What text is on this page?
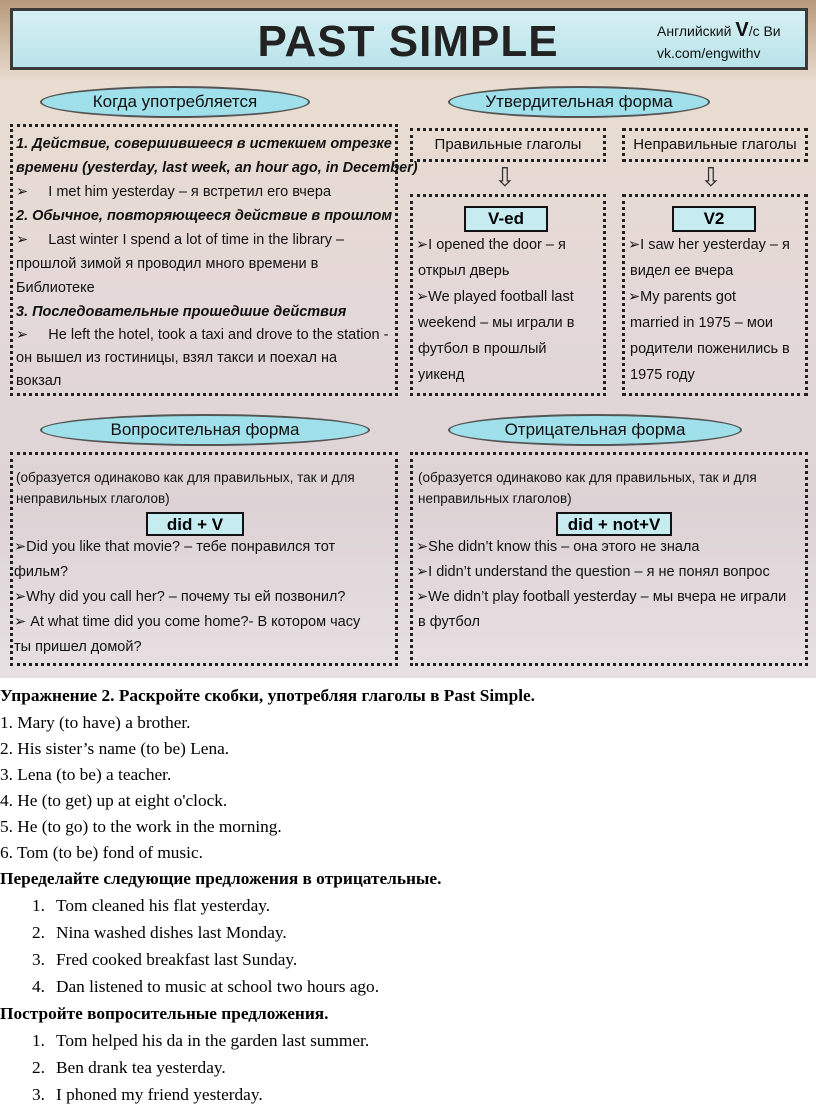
PAST SIMPLE	Английский V/с Ви
vk.com/engwithv
Когда употребляется
1. Действие, совершившееся в истекшем отрезке
времени (yesterday, last week, an hour ago, in December)
➢     I met him yesterday – я встретил его вчера
2. Обычное, повторяющееся действие в прошлом
➢     Last winter I spend a lot of time in the library –
прошлой зимой я проводил много времени в
Библиотеке
3. Последовательные прошедшие действия
➢     He left the hotel, took a taxi and drove to the station -
он вышел из гостиницы, взял такси и поехал на
вокзал
Утвердительная форма
Правильные глаголы	Неправильные глаголы
⇩	⇩
V-ed
➢I opened the door – я
открыл дверь
➢We played football last
weekend – мы играли в
футбол в прошлый
уикенд
V2
➢I saw her yesterday – я
видел ее вчера
➢My parents got
married in 1975 – мои
родители поженились в
1975 году
Вопросительная форма
(образуется одинаково как для правильных, так и для
неправильных глаголов)
did + V
➢Did you like that movie? – тебе понравился тот
фильм?
➢Why did you call her? – почему ты ей позвонил?
➢ At what time did you come home?- В котором часу
ты пришел домой?
Отрицательная форма
(образуется одинаково как для правильных, так и для
неправильных глаголов)
did + not+V
➢She didn’t know this – она этого не знала
➢I didn’t understand the question – я не понял вопрос
➢We didn’t play football yesterday – мы вчера не играли
в футбол
Упражнение 2. Раскройте скобки, употребляя глаголы в Past Simple.
1. Mary (to have) a brother.
2. His sister’s name (to be) Lena.
3. Lena (to be) a teacher.
4. He (to get) up at eight o'clock.
5. He (to go) to the work in the morning.
6. Tom (to be) fond of music.
Переделайте следующие предложения в отрицательные.
1. Tom cleaned his flat yesterday.
2. Nina washed dishes last Monday.
3. Fred cooked breakfast last Sunday.
4. Dan listened to music at school two hours ago.
Постройте вопросительные предложения.
1. Tom helped his da in the garden last summer.
2. Ben drank tea yesterday.
3. I phoned my friend yesterday.
